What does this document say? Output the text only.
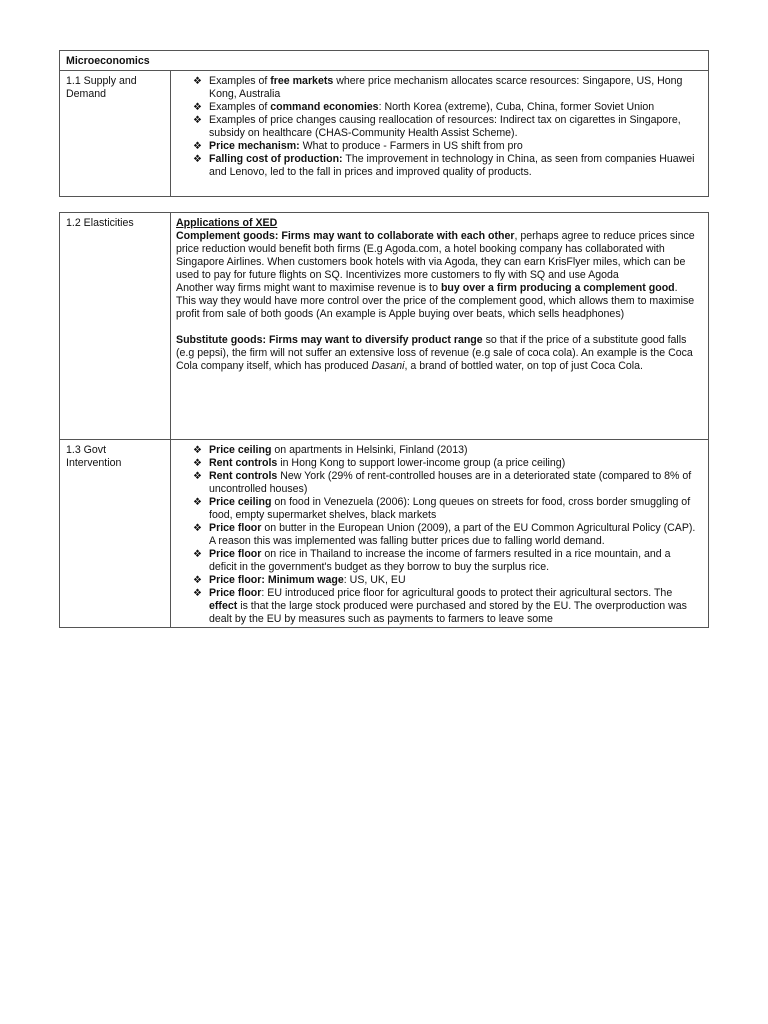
Microeconomics
1.1 Supply and Demand
❖ Examples of free markets where price mechanism allocates scarce resources: Singapore, US, Hong Kong, Australia
❖ Examples of command economies: North Korea (extreme), Cuba, China, former Soviet Union
❖ Examples of price changes causing reallocation of resources: Indirect tax on cigarettes in Singapore, subsidy on healthcare (CHAS-Community Health Assist Scheme).
❖ Price mechanism: What to produce - Farmers in US shift from pro
❖ Falling cost of production: The improvement in technology in China, as seen from companies Huawei and Lenovo, led to the fall in prices and improved quality of products.
1.2 Elasticities	Applications of XED
Complement goods: Firms may want to collaborate with each other, perhaps agree to reduce prices since price reduction would benefit both firms (E.g Agoda.com, a hotel booking company has collaborated with Singapore Airlines. When customers book hotels with via Agoda, they can earn KrisFlyer miles, which can be used to pay for future flights on SQ. Incentivizes more customers to fly with SQ and use Agoda
Another way firms might want to maximise revenue is to buy over a firm producing a complement good. This way they would have more control over the price of the complement good, which allows them to maximise profit from sale of both goods (An example is Apple buying over beats, which sells headphones)
Substitute goods: Firms may want to diversify product range so that if the price of a substitute good falls (e.g pepsi), the firm will not suffer an extensive loss of revenue (e.g sale of coca cola). An example is the Coca Cola company itself, which has produced Dasani, a brand of bottled water, on top of just Coca Cola.
1.3 Govt Intervention
❖ Price ceiling on apartments in Helsinki, Finland (2013)
❖ Rent controls in Hong Kong to support lower-income group (a price ceiling)
❖ Rent controls New York (29% of rent-controlled houses are in a deteriorated state (compared to 8% of uncontrolled houses)
❖ Price ceiling on food in Venezuela (2006): Long queues on streets for food, cross border smuggling of food, empty supermarket shelves, black markets
❖ Price floor on butter in the European Union (2009), a part of the EU Common Agricultural Policy (CAP). A reason this was implemented was falling butter prices due to falling world demand.
❖ Price floor on rice in Thailand to increase the income of farmers resulted in a rice mountain, and a deficit in the government's budget as they borrow to buy the surplus rice.
❖ Price floor: Minimum wage: US, UK, EU
❖ Price floor: EU introduced price floor for agricultural goods to protect their agricultural sectors. The effect is that the large stock produced were purchased and stored by the EU. The overproduction was dealt by the EU by measures such as payments to farmers to leave some
